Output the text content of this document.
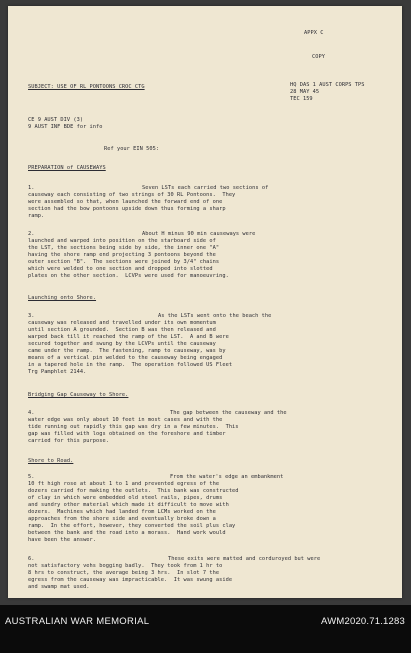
APPX C
COPY
SUBJECT: USE OF RL PONTOONS CROC CTG	HQ DAS 1 AUST CORPS TPS
28 MAY 45
TEC 159
CE 9 AUST DIV (3)
9 AUST INF BDE for info
Ref your EIN 505:
PREPARATION of CAUSEWAYS
1.	Seven LSTs each carried two sections of
causeway each consisting of two strings of 30 RL Pontoons.  They
were assembled so that, when launched the forward end of one
section had the bow pontoons upside down thus forming a sharp
ramp.
2.	About H minus 90 min causeways were
launched and warped into position on the starboard side of
the LST, the sections being side by side, the inner one "A"
having the shore ramp end projecting 3 pontoons beyond the
outer section "B".  The sections were joined by 3/4" chains
which were welded to one section and dropped into slotted
plates on the other section.  LCVPs were used for manoeuvring.
Launching onto Shore.
3.	As the LSTs went onto the beach the
causeway was released and travelled under its own momentum
until section A grounded.  Section B was then released and
warped back till it reached the ramp of the LST.  A and B were
secured together and swung by the LCVPs until the causeway
came under the ramp.  The fastening, ramp to causeway, was by
means of a vertical pin welded to the causeway being engaged
in a tapered hole in the ramp.  The operation followed US Fleet
Trg Pamphlet 2144.
Bridging Gap Causeway to Shore.
4.	The gap between the causeway and the
water edge was only about 10 feet in most cases and with the
tide running out rapidly this gap was dry in a few minutes.  This
gap was filled with logs obtained on the foreshore and timber
carried for this purpose.
Shore to Road.
5.	From the water's edge an embankment
10 ft high rose at about 1 to 1 and prevented egress of the
dozers carried for making the outlets.  This bank was constructed
of clay in which were embedded old steel rails, pipes, drums
and sundry other material which made it difficult to move with
dozers.  Machines which had landed from LCMs worked on the
approaches from the shore side and eventually broke down a
ramp.  In the effort, however, they converted the soil plus clay
between the bank and the road into a morass.  Hand work would
have been the answer.
6.	These exits were matted and corduroyed but were
not satisfactory vehs bogging badly.  They took from 1 hr to
8 hrs to construct, the average being 3 hrs.  In slot 7 the
egress from the causeway was impracticable.  It was swung aside
and swamp mat used.
AUSTRALIAN WAR MEMORIAL	AWM2020.71.1283
